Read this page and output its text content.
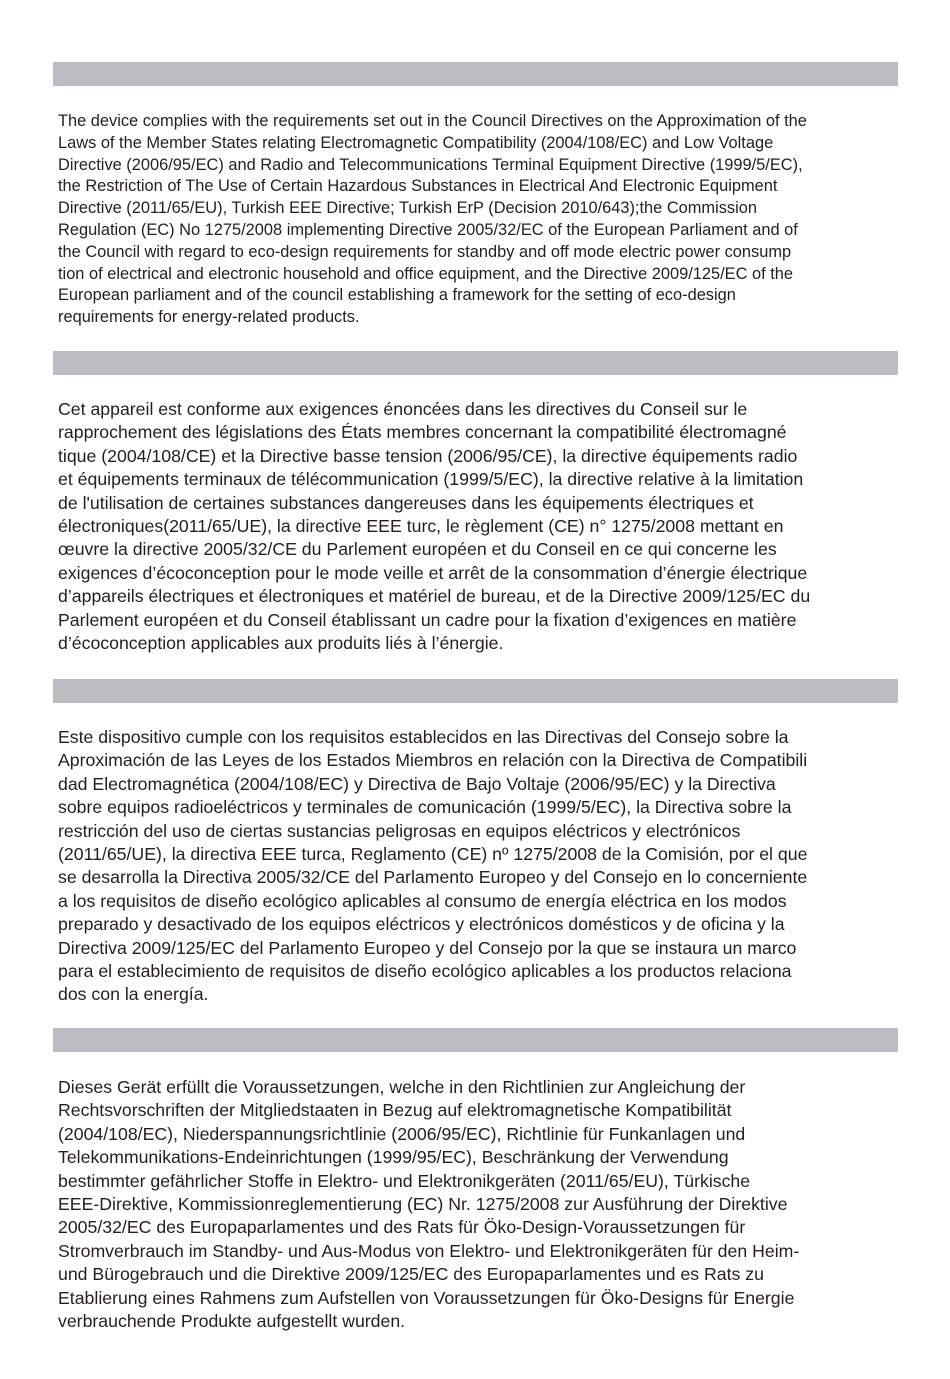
The device complies with the requirements set out in the Council Directives on the Approximation of the
Laws of the Member States relating Electromagnetic Compatibility (2004/108/EC) and Low Voltage
Directive (2006/95/EC) and Radio and Telecommunications Terminal Equipment Directive (1999/5/EC),
the Restriction of The Use of Certain Hazardous Substances in Electrical And Electronic Equipment
Directive (2011/65/EU), Turkish EEE Directive; Turkish ErP (Decision 2010/643);the Commission
Regulation (EC) No 1275/2008 implementing Directive 2005/32/EC of the European Parliament and of
the Council with regard to eco-design requirements for standby and off mode electric power consump
tion of electrical and electronic household and office equipment, and the Directive 2009/125/EC of the
European parliament and of the council establishing a framework for the setting of eco-design
requirements for energy-related products.

Cet appareil est conforme aux exigences énoncées dans les directives du Conseil sur le
rapprochement des législations des États membres concernant la compatibilité électromagné
tique (2004/108/CE) et la Directive basse tension (2006/95/CE), la directive équipements radio
et équipements terminaux de télécommunication (1999/5/EC), la directive relative à la limitation
de l'utilisation de certaines substances dangereuses dans les équipements électriques et
électroniques(2011/65/UE), la directive EEE turc, le règlement (CE) n° 1275/2008 mettant en
œuvre la directive 2005/32/CE du Parlement européen et du Conseil en ce qui concerne les
exigences d’écoconception pour le mode veille et arrêt de la consommation d’énergie électrique
d’appareils électriques et électroniques et matériel de bureau, et de la Directive 2009/125/EC du
Parlement européen et du Conseil établissant un cadre pour la fixation d’exigences en matière
d’écoconception applicables aux produits liés à l’énergie.

Este dispositivo cumple con los requisitos establecidos en las Directivas del Consejo sobre la
Aproximación de las Leyes de los Estados Miembros en relación con la Directiva de Compatibili
dad Electromagnética (2004/108/EC) y Directiva de Bajo Voltaje (2006/95/EC) y la Directiva
sobre equipos radioeléctricos y terminales de comunicación (1999/5/EC), la Directiva sobre la
restricción del uso de ciertas sustancias peligrosas en equipos eléctricos y electrónicos
(2011/65/UE), la directiva EEE turca, Reglamento (CE) nº 1275/2008 de la Comisión, por el que
se desarrolla la Directiva 2005/32/CE del Parlamento Europeo y del Consejo en lo concerniente
a los requisitos de diseño ecológico aplicables al consumo de energía eléctrica en los modos
preparado y desactivado de los equipos eléctricos y electrónicos domésticos y de oficina y la
Directiva 2009/125/EC del Parlamento Europeo y del Consejo por la que se instaura un marco
para el establecimiento de requisitos de diseño ecológico aplicables a los productos relaciona
dos con la energía.

Dieses Gerät erfüllt die Voraussetzungen, welche in den Richtlinien zur Angleichung der
Rechtsvorschriften der Mitgliedstaaten in Bezug auf elektromagnetische Kompatibilität
(2004/108/EC), Niederspannungsrichtlinie (2006/95/EC), Richtlinie für Funkanlagen und
Telekommunikations-Endeinrichtungen (1999/95/EC), Beschränkung der Verwendung
bestimmter gefährlicher Stoffe in Elektro- und Elektronikgeräten (2011/65/EU), Türkische
EEE-Direktive, Kommissionreglementierung (EC) Nr. 1275/2008 zur Ausführung der Direktive
2005/32/EC des Europaparlamentes und des Rats für Öko-Design-Voraussetzungen für
Stromverbrauch im Standby- und Aus-Modus von Elektro- und Elektronikgeräten für den Heim-
und Bürogebrauch und die Direktive 2009/125/EC des Europaparlamentes und es Rats zu
Etablierung eines Rahmens zum Aufstellen von Voraussetzungen für Öko-Designs für Energie
verbrauchende Produkte aufgestellt wurden.
